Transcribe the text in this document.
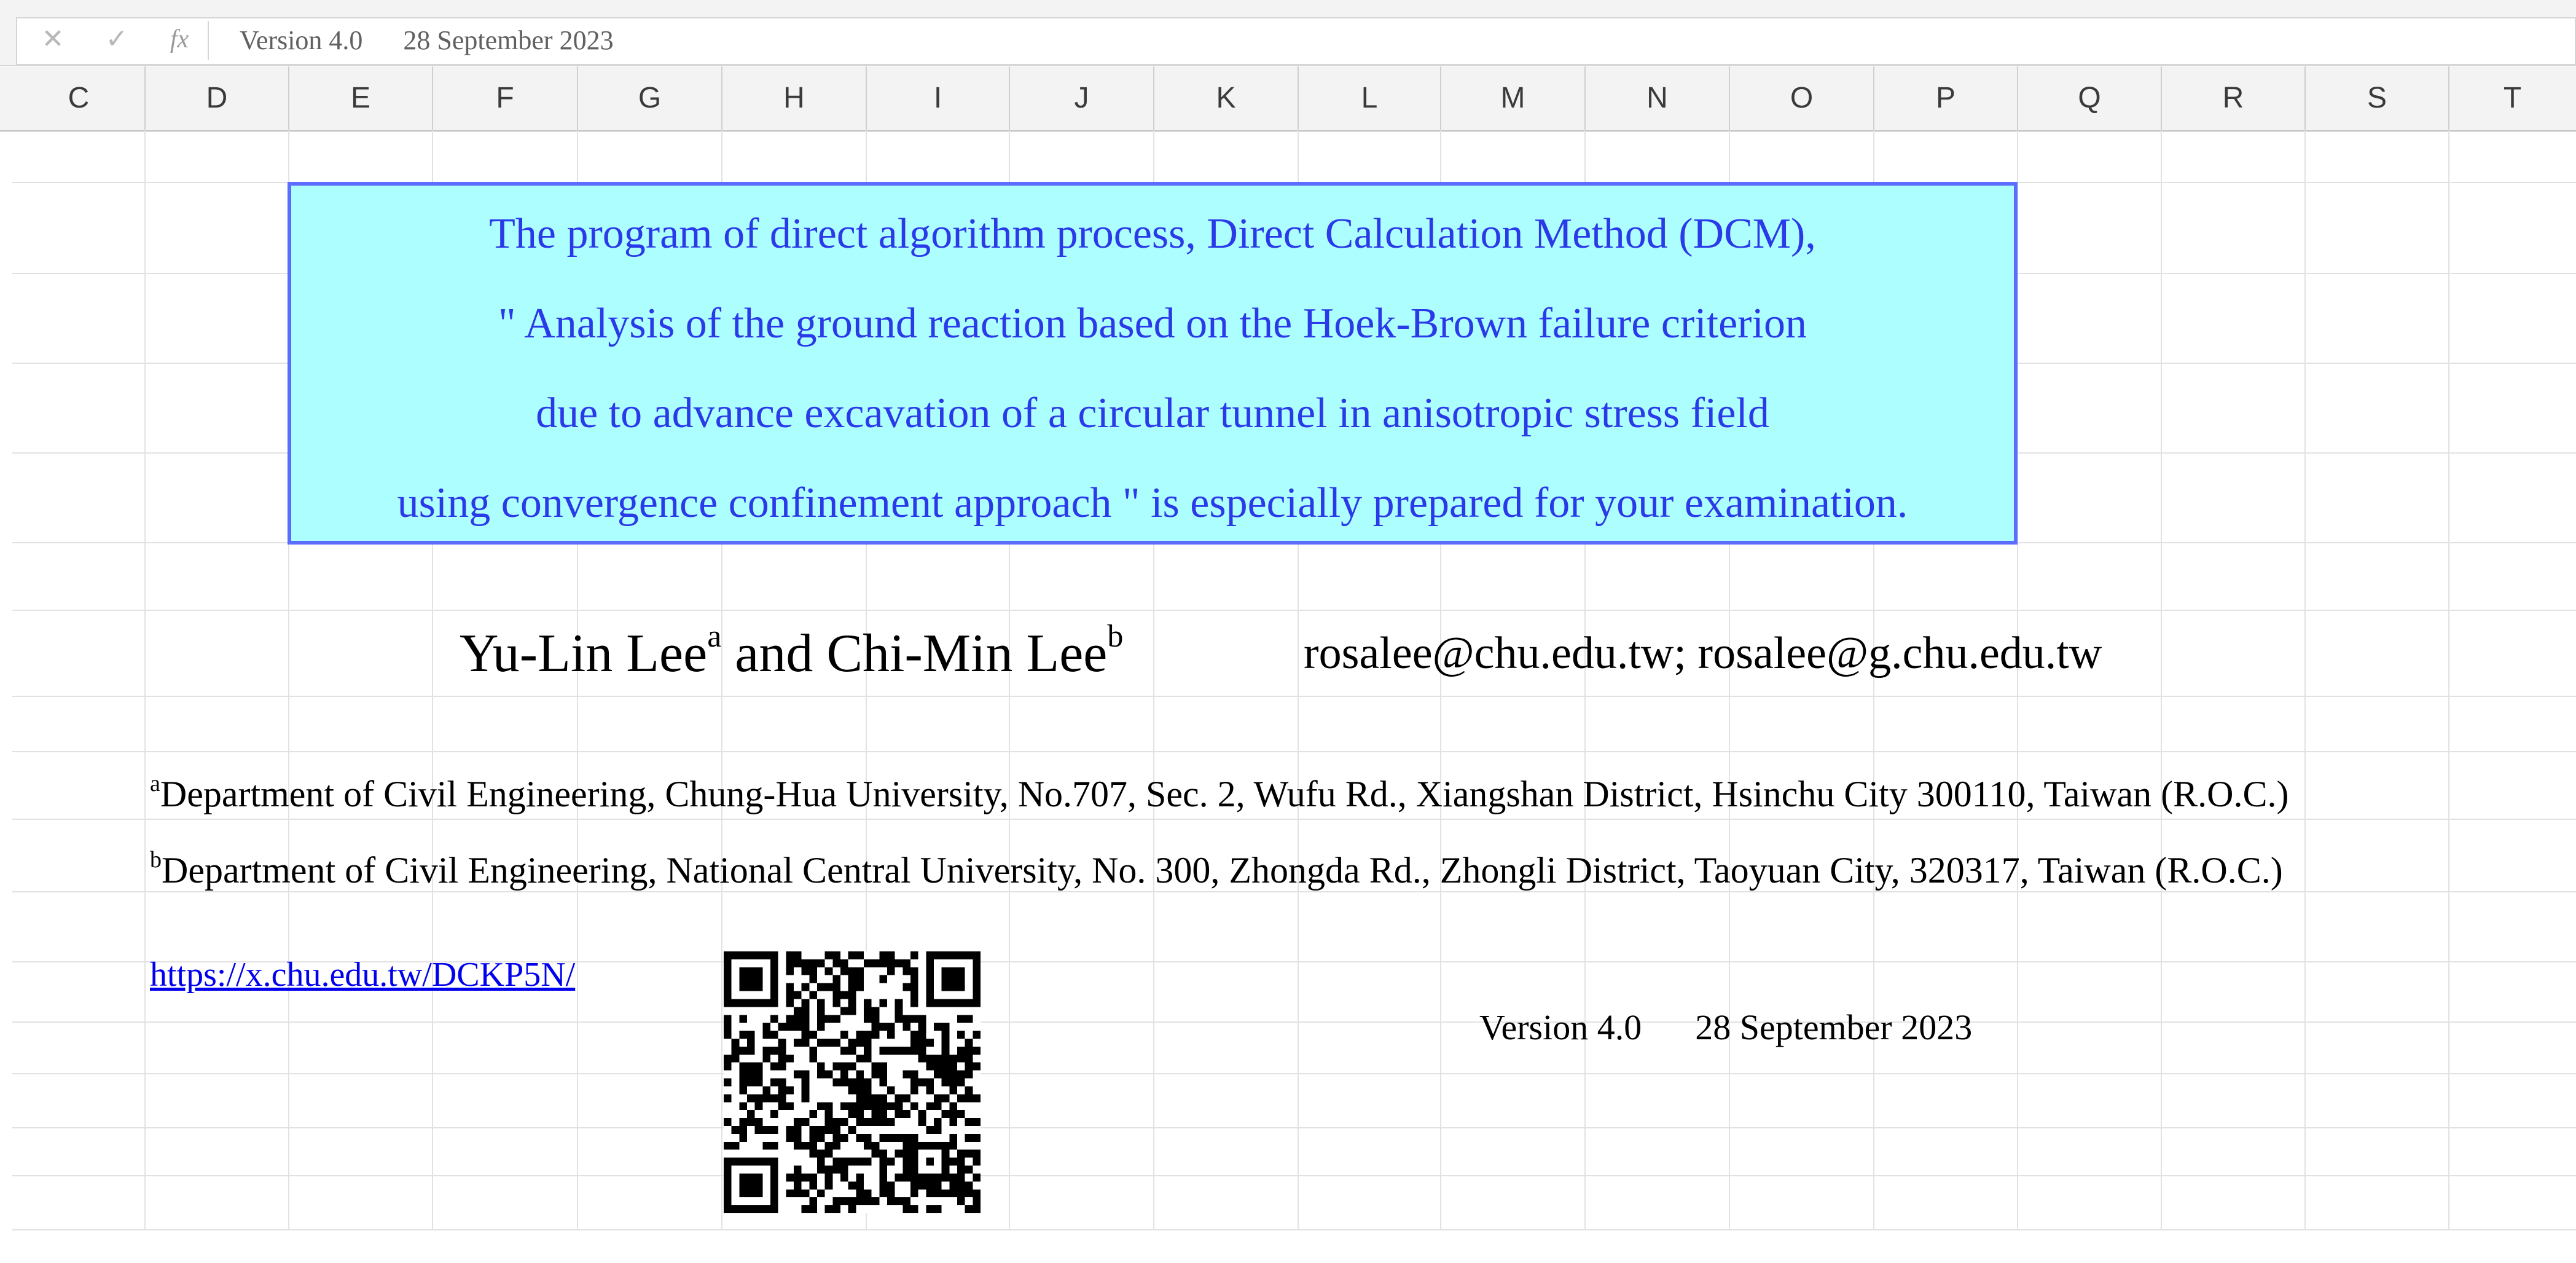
✕ ✓	fx	Version 4.0      28 September 2023
C	D	E	F	G	H	I	J	K	L	M	N	O	P	Q	R	S	T
The program of direct algorithm process, Direct Calculation Method (DCM),
" Analysis of the ground reaction based on the Hoek-Brown failure criterion
due to advance excavation of a circular tunnel in anisotropic stress field
using convergence confinement approach " is especially prepared for your examination.
Yu-Lin Lee$^a$ and Chi-Min Lee$^b$	rosalee@chu.edu.tw; rosalee@g.chu.edu.tw
$^a$Department of Civil Engineering, Chung-Hua University, No.707, Sec. 2, Wufu Rd., Xiangshan District, Hsinchu City 300110, Taiwan (R.O.C.)
$^b$Department of Civil Engineering, National Central University, No. 300, Zhongda Rd., Zhongli District, Taoyuan City, 320317, Taiwan (R.O.C.)
https://x.chu.edu.tw/DCKP5N/
Version 4.0      28 September 2023
